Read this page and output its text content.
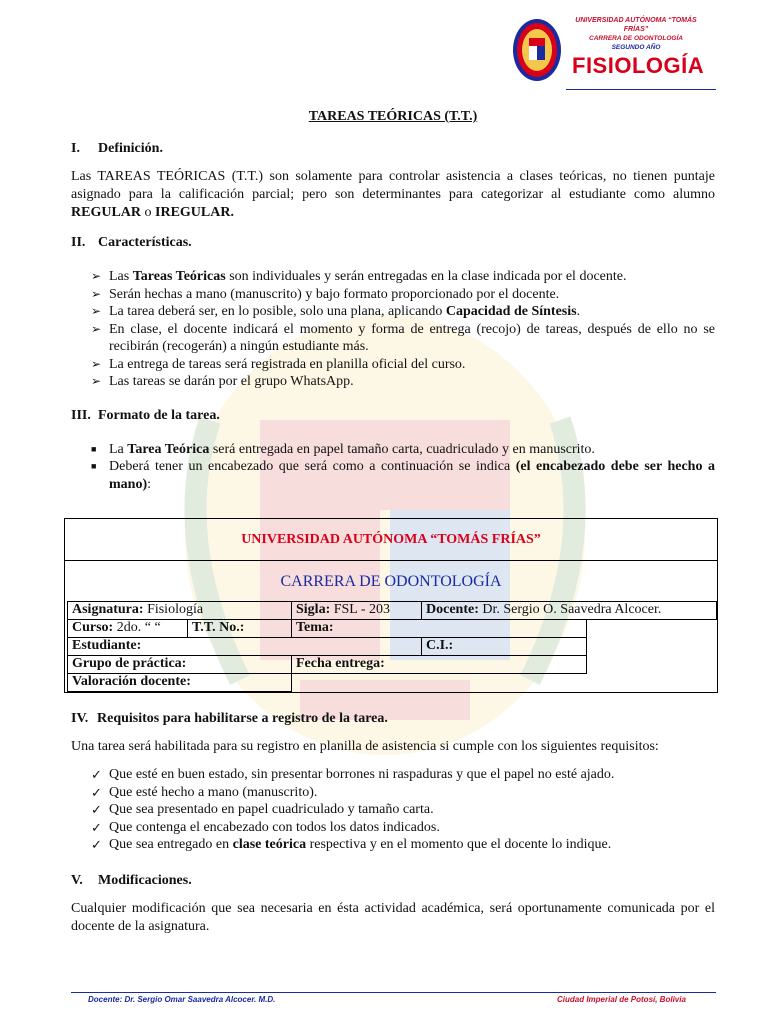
UNIVERSIDAD AUTÓNOMA “TOMÁS FRÍAS”
CARRERA DE ODONTOLOGÍA
SEGUNDO AÑO
FISIOLOGÍA
TAREAS TEÓRICAS (T.T.)
I. Definición.

Las TAREAS TEÓRICAS (T.T.) son solamente para controlar asistencia a clases teóricas, no tienen puntaje asignado para la calificación parcial; pero son determinantes para categorizar al estudiante como alumno REGULAR o IREGULAR.

II. Características.
➢ Las Tareas Teóricas son individuales y serán entregadas en la clase indicada por el docente.
➢ Serán hechas a mano (manuscrito) y bajo formato proporcionado por el docente.
➢ La tarea deberá ser, en lo posible, solo una plana, aplicando Capacidad de Síntesis.
➢ En clase, el docente indicará el momento y forma de entrega (recojo) de tareas, después de ello no se recibirán (recogerán) a ningún estudiante más.
➢ La entrega de tareas será registrada en planilla oficial del curso.
➢ Las tareas se darán por el grupo WhatsApp.
III. Formato de la tarea.
■ La Tarea Teórica será entregada en papel tamaño carta, cuadriculado y en manuscrito.
■ Deberá tener un encabezado que será como a continuación se indica (el encabezado debe ser hecho a mano):
UNIVERSIDAD AUTÓNOMA “TOMÁS FRÍAS”
CARRERA DE ODONTOLOGÍA
Asignatura: Fisiología	Sigla: FSL - 203	Docente: Dr. Sergio O. Saavedra Alcocer.
Curso: 2do. “ “	T.T. No.:	Tema:
Estudiante:	C.I.:
Grupo de práctica:	Fecha entrega:
Valoración docente:
IV. Requisitos para habilitarse a registro de la tarea.

Una tarea será habilitada para su registro en planilla de asistencia si cumple con los siguientes requisitos:

✓ Que esté en buen estado, sin presentar borrones ni raspaduras y que el papel no esté ajado.
✓ Que esté hecho a mano (manuscrito).
✓ Que sea presentado en papel cuadriculado y tamaño carta.
✓ Que contenga el encabezado con todos los datos indicados.
✓ Que sea entregado en clase teórica respectiva y en el momento que el docente lo indique.
V. Modificaciones.

Cualquier modificación que sea necesaria en ésta actividad académica, será oportunamente comunicada por el docente de la asignatura.

Docente: Dr. Sergio Omar Saavedra Alcocer. M.D.	Ciudad Imperial de Potosí, Bolivia
